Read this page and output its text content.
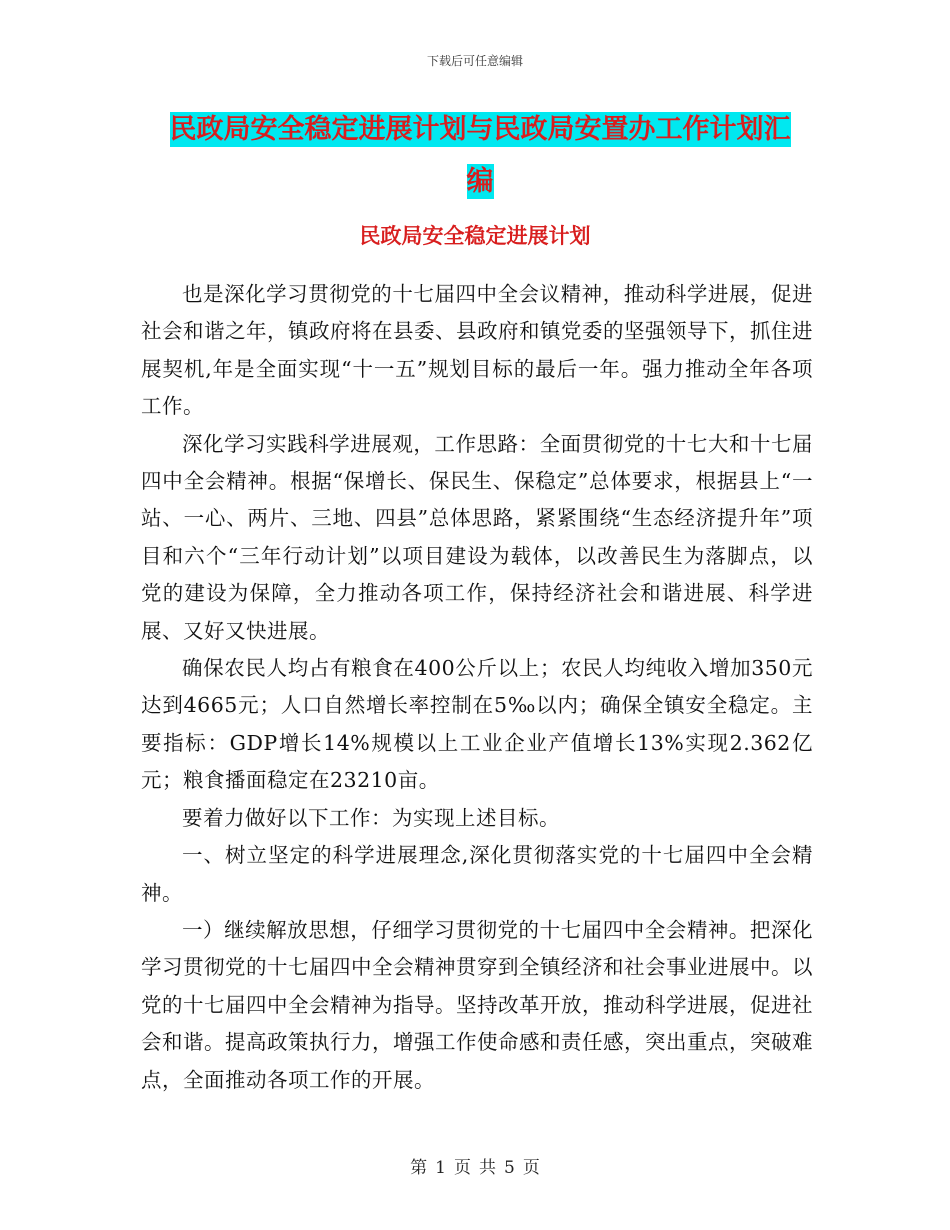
下载后可任意编辑
民政局安全稳定进展计划与民政局安置办工作计划汇
编
民政局安全稳定进展计划

也是深化学习贯彻党的十七届四中全会议精神，推动科学进展，促进社会和谐之年，镇政府将在县委、县政府和镇党委的坚强领导下，抓住进展契机,年是全面实现“十一五”规划目标的最后一年。强力推动全年各项工作。

深化学习实践科学进展观，工作思路：全面贯彻党的十七大和十七届四中全会精神。根据“保增长、保民生、保稳定”总体要求，根据县上“一站、一心、两片、三地、四县”总体思路，紧紧围绕“生态经济提升年”项目和六个“三年行动计划”以项目建设为载体，以改善民生为落脚点，以党的建设为保障，全力推动各项工作，保持经济社会和谐进展、科学进展、又好又快进展。

确保农民人均占有粮食在400公斤以上；农民人均纯收入增加350元达到4665元；人口自然增长率控制在5‰以内；确保全镇安全稳定。主要指标：GDP增长14%规模以上工业企业产值增长13%实现2.362亿元；粮食播面稳定在23210亩。

要着力做好以下工作：为实现上述目标。

一、树立坚定的科学进展理念,深化贯彻落实党的十七届四中全会精神。

一）继续解放思想，仔细学习贯彻党的十七届四中全会精神。把深化学习贯彻党的十七届四中全会精神贯穿到全镇经济和社会事业进展中。以党的十七届四中全会精神为指导。坚持改革开放，推动科学进展，促进社会和谐。提高政策执行力，增强工作使命感和责任感，突出重点，突破难点，全面推动各项工作的开展。

第 1 页 共 5 页
